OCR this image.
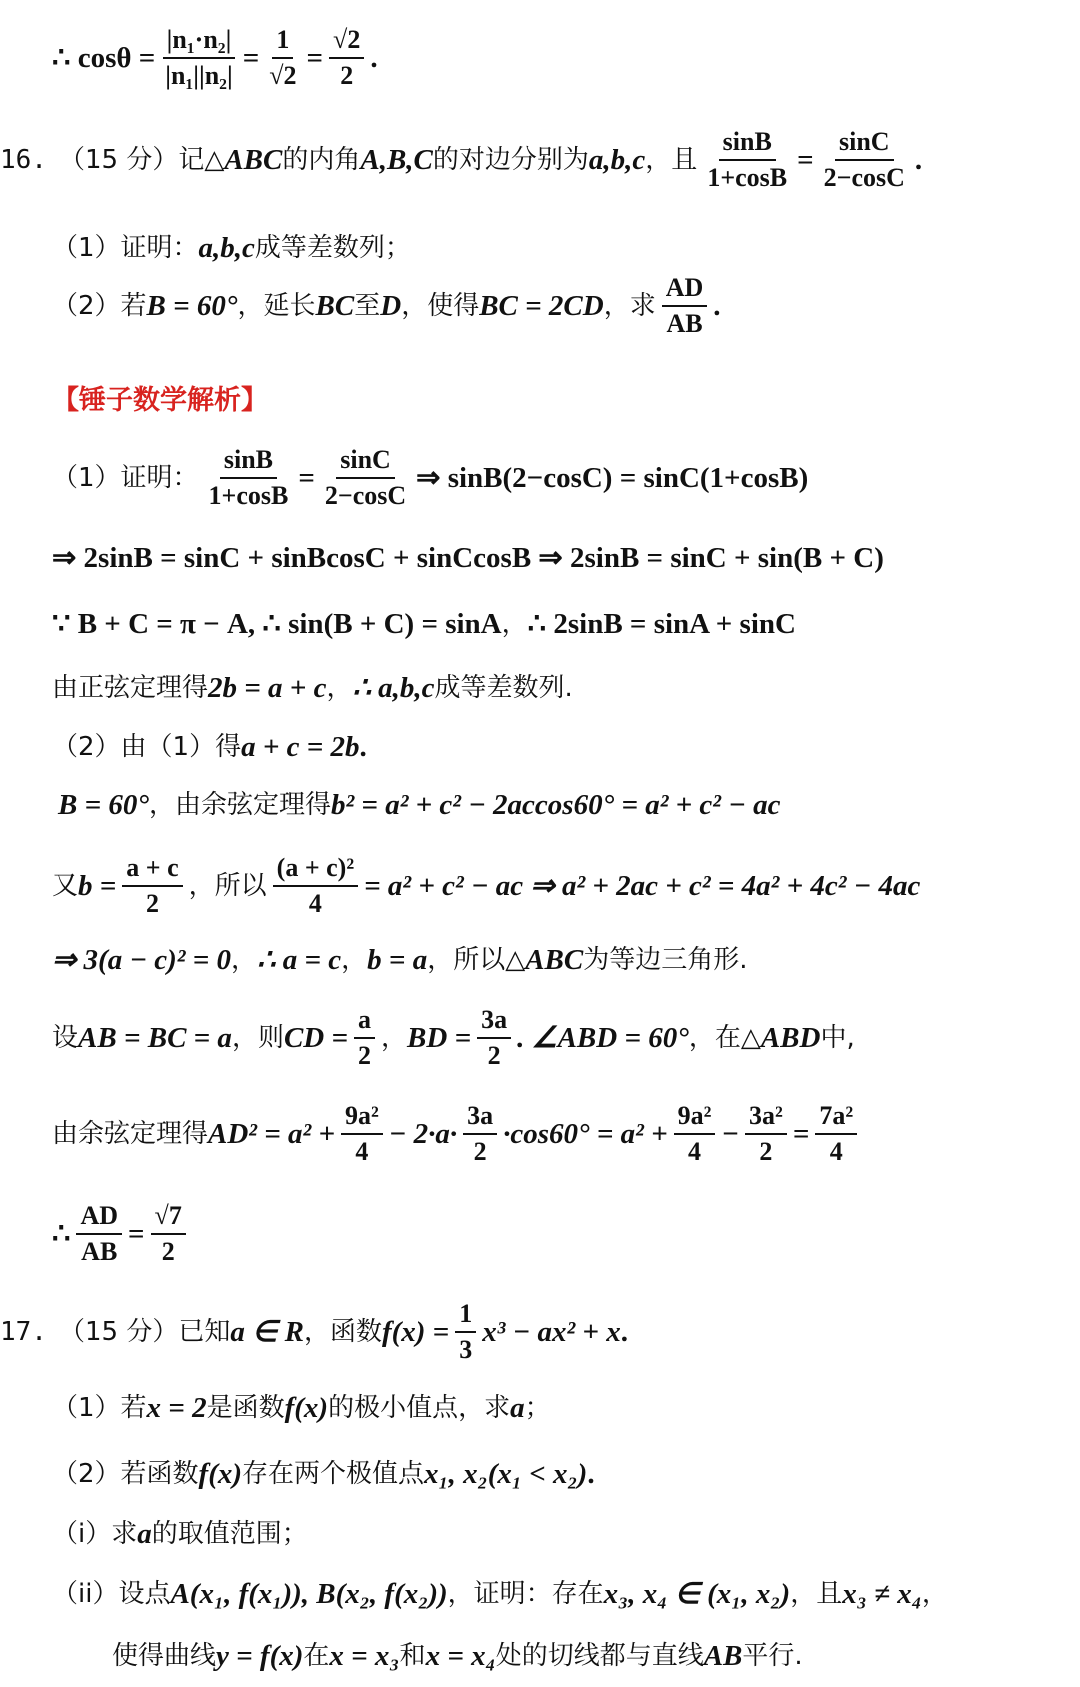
∴ $\cos\theta = \frac{\text{|n₁·n₂|}}{\text{|n₁||n₂|}} = \frac{1}{√2} = \frac{√2}{2}$ .
16. （15 分）记△ ABC 的内角 A,B,C 的对边分别为 a,b,c ，且 $\frac{\sin B}{1+\cos B} = \frac{\sin C}{2-\cos C}$ .
（1）证明： a,b,c 成等差数列；
（2）若 B = 60° ，延长 BC 至 D ，使得 BC = 2CD ，求 $\frac{AD}{AB}$ .
【锤子数学解析】
（1）证明： $\frac{\sin B}{1+\cos B} = \frac{\sin C}{2-\cos C}$ ⇒ sinB(2−cosC) = sinC(1+cosB)
⇒ 2sinB = sinC + sinBcosC + sinCcosB ⇒ 2sinB = sinC + sin(B + C)
∵ B + C = π − A, ∴ sin(B + C) = sinA ， ∴ 2sinB = sinA + sinC
由正弦定理得 2b = a + c ， ∴ a,b,c 成等差数列.
（2）由（1）得 a + c = 2b .
B = 60° ，由余弦定理得 b² = a² + c² − 2accos60° = a² + c² − ac
又 $b = \frac{a + c}{2}$ ，所以 $\frac{\text{(a + c)²}}{4} = a^2 + c^2$ − ac ⇒ a² + 2ac + c² = 4a² + 4c² − 4ac
⇒ 3(a − c)² = 0 ， ∴ a = c ， b = a ，所以△ ABC 为等边三角形.
设 AB = BC = a ，则 CD = $\frac{a}{2}$ ， BD = $\frac{3a}{2}$ . ∠ABD = 60° ，在△ ABD 中,
由余弦定理得 $AD^2 = a^2 + \frac{\text{9a²}}{4} - 2\cdot a\cdot \frac{3a}{2} \cdot\cos 60^\circ = a^2 + \frac{\text{9a²}}{4} - \frac{\text{3a²}}{2} = \frac{\text{7a²}}{4}$
∴ $\frac{AD}{AB} = \frac{√7}{2}$
17. （15 分）已知 a ∈ R ，函数 $f(x) = \frac{1}{3} x^3 - ax^2 + x$ .
（1）若 x = 2 是函数 f(x) 的极小值点，求 a ；
（2）若函数 f(x) 存在两个极值点 x₁, x₂(x₁ < x₂) .
（i）求 a 的取值范围；
（ii）设点 A(x₁, f(x₁)), B(x₂, f(x₂)) ，证明：存在 x₃, x₄ ∈ (x₁, x₂) ，且 x₃ ≠ x₄ ，
使得曲线 y = f(x) 在 x = x₃ 和 x = x₄ 处的切线都与直线 AB 平行.
